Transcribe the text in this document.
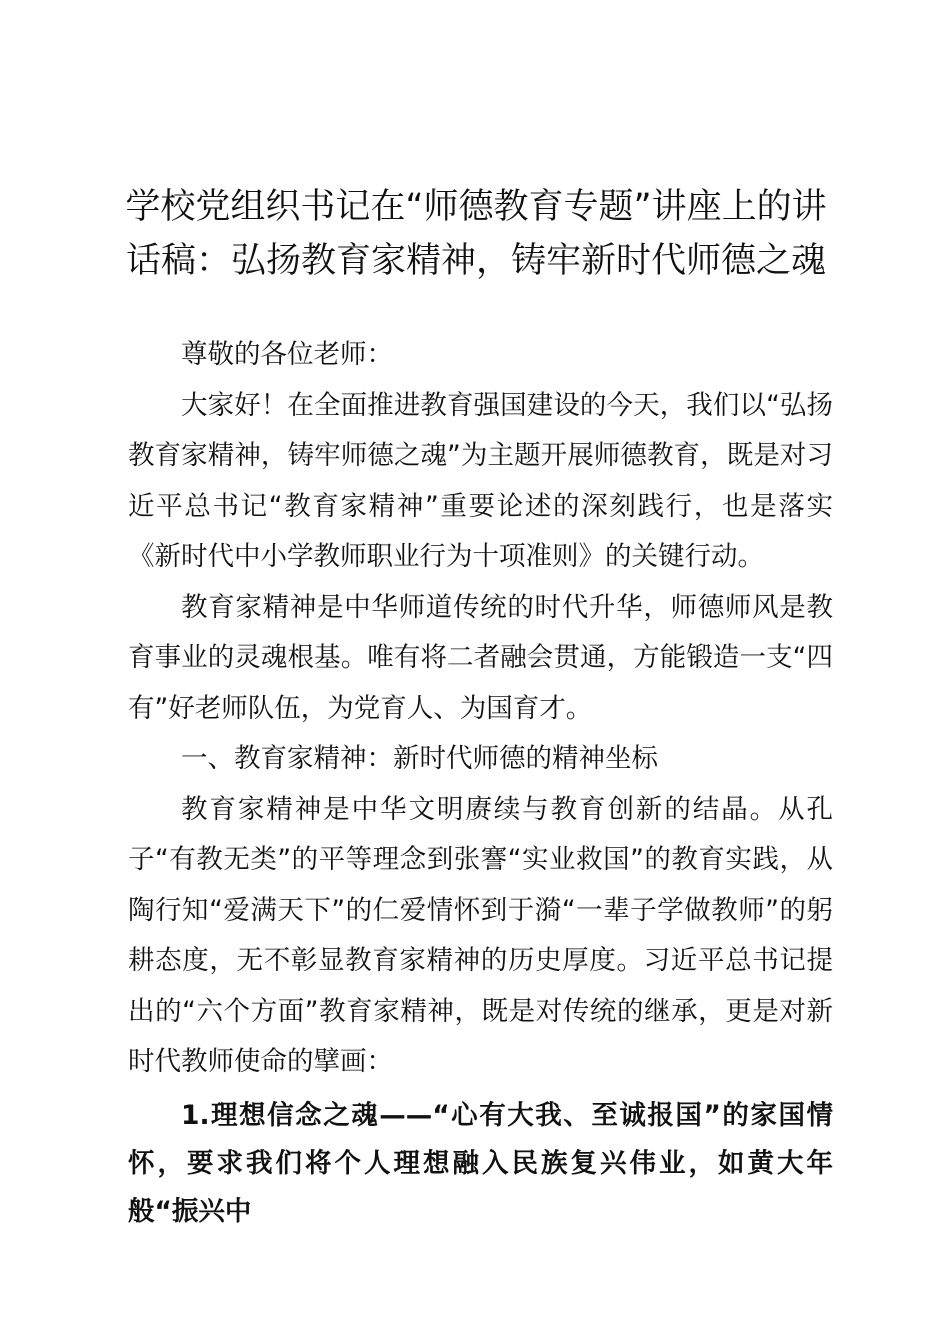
学校党组织书记在“师德教育专题”讲座上的讲话稿：弘扬教育家精神，铸牢新时代师德之魂

尊敬的各位老师：

大家好！在全面推进教育强国建设的今天，我们以“弘扬教育家精神，铸牢师德之魂”为主题开展师德教育，既是对习近平总书记“教育家精神”重要论述的深刻践行，也是落实《新时代中小学教师职业行为十项准则》的关键行动。

教育家精神是中华师道传统的时代升华，师德师风是教育事业的灵魂根基。唯有将二者融会贯通，方能锻造一支“四有”好老师队伍，为党育人、为国育才。

一、教育家精神：新时代师德的精神坐标

教育家精神是中华文明赓续与教育创新的结晶。从孔子“有教无类”的平等理念到张謇“实业救国”的教育实践，从陶行知“爱满天下”的仁爱情怀到于漪“一辈子学做教师”的躬耕态度，无不彰显教育家精神的历史厚度。习近平总书记提出的“六个方面”教育家精神，既是对传统的继承，更是对新时代教师使命的擘画：

1.理想信念之魂——“心有大我、至诚报国”的家国情怀，要求我们将个人理想融入民族复兴伟业，如黄大年般“振兴中
